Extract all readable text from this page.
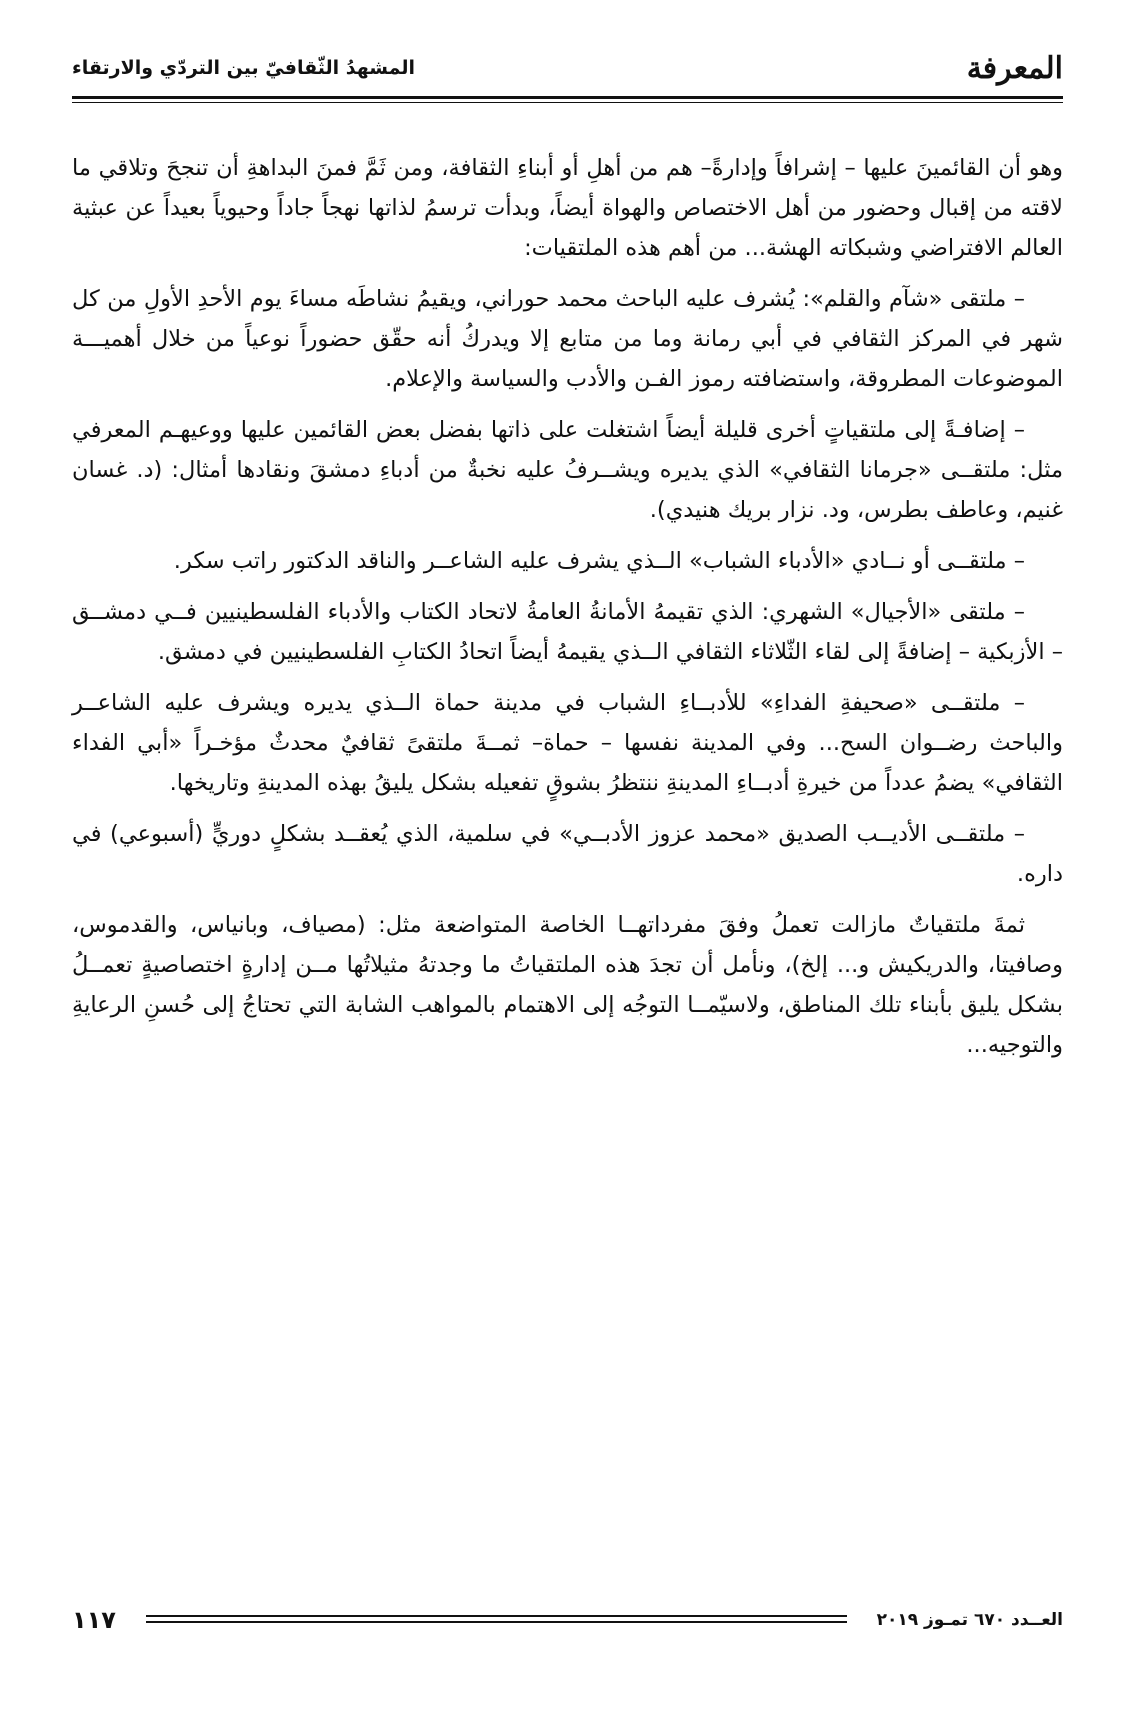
المعرفة
المشهدُ الثّقافيّ بين التردّي والارتقاء

وهو أن القائمينَ عليها – إشرافاً وإدارةً– هم من أهلِ أو أبناءِ الثقافة، ومن ثَمَّ فمنَ البداهةِ أن تنجحَ وتلاقي ما لاقته من إقبال وحضور من أهل الاختصاص والهواة أيضاً، وبدأت ترسمُ لذاتها نهجاً جاداً وحيوياً بعيداً عن عبثية العالم الافتراضي وشبكاته الهشة... من أهم هذه الملتقيات:

– ملتقى «شآم والقلم»: يُشرف عليه الباحث محمد حوراني، ويقيمُ نشاطَه مساءَ يوم الأحدِ الأولِ من كل شهر في المركز الثقافي في أبي رمانة وما من متابع إلا ويدركُ أنه حقّق حضوراً نوعياً من خلال أهميـــة الموضوعات المطروقة، واستضافته رموز الفـن والأدب والسياسة والإعلام.

– إضافـةً إلى ملتقياتٍ أخرى قليلة أيضاً اشتغلت على ذاتها بفضل بعض القائمين عليها ووعيهـم المعرفي مثل: ملتقــى «جرمانا الثقافي» الذي يديره ويشــرفُ عليه نخبةٌ من أدباءِ دمشقَ ونقادها أمثال: (د. غسان غنيم، وعاطف بطرس، ود. نزار بريك هنيدي).

– ملتقــى أو نــادي «الأدباء الشباب» الــذي يشرف عليه الشاعــر والناقد الدكتور راتب سكر.

– ملتقى «الأجيال» الشهري: الذي تقيمهُ الأمانةُ العامةُ لاتحاد الكتاب والأدباء الفلسطينيين فــي دمشــق – الأزبكية – إضافةً إلى لقاء الثّلاثاء الثقافي الــذي يقيمهُ أيضاً اتحادُ الكتابِ الفلسطينيين في دمشق.

– ملتقــى «صحيفةِ الفداءِ» للأدبــاءِ الشباب في مدينة حماة الــذي يديره ويشرف عليه الشاعــر والباحث رضــوان السح... وفي المدينة نفسها – حماة– ثمــةَ ملتقىً ثقافيٌ محدثٌ مؤخـراً «أبي الفداء الثقافي» يضمُ عدداً من خيرةِ أدبــاءِ المدينةِ ننتظرُ بشوقٍ تفعيله بشكل يليقُ بهذه المدينةِ وتاريخها.

– ملتقــى الأديــب الصديق «محمد عزوز الأدبــي» في سلمية، الذي يُعقــد بشكلٍ دوريٍّ (أسبوعي) في داره.

ثمةَ ملتقياتٌ مازالت تعملُ وفقَ مفرداتهــا الخاصة المتواضعة مثل: (مصياف، وبانياس، والقدموس، وصافيتا، والدريكيش و... إلخ)، ونأمل أن تجدَ هذه الملتقياتُ ما وجدتهُ مثيلاتُها مــن إدارةٍ اختصاصيةٍ تعمــلُ بشكل يليق بأبناء تلك المناطق، ولاسيّمــا التوجُه إلى الاهتمام بالمواهب الشابة التي تحتاجُ إلى حُسنِ الرعايةِ والتوجيه...

العــدد ٦٧٠ تمـوز ٢٠١٩
١١٧
